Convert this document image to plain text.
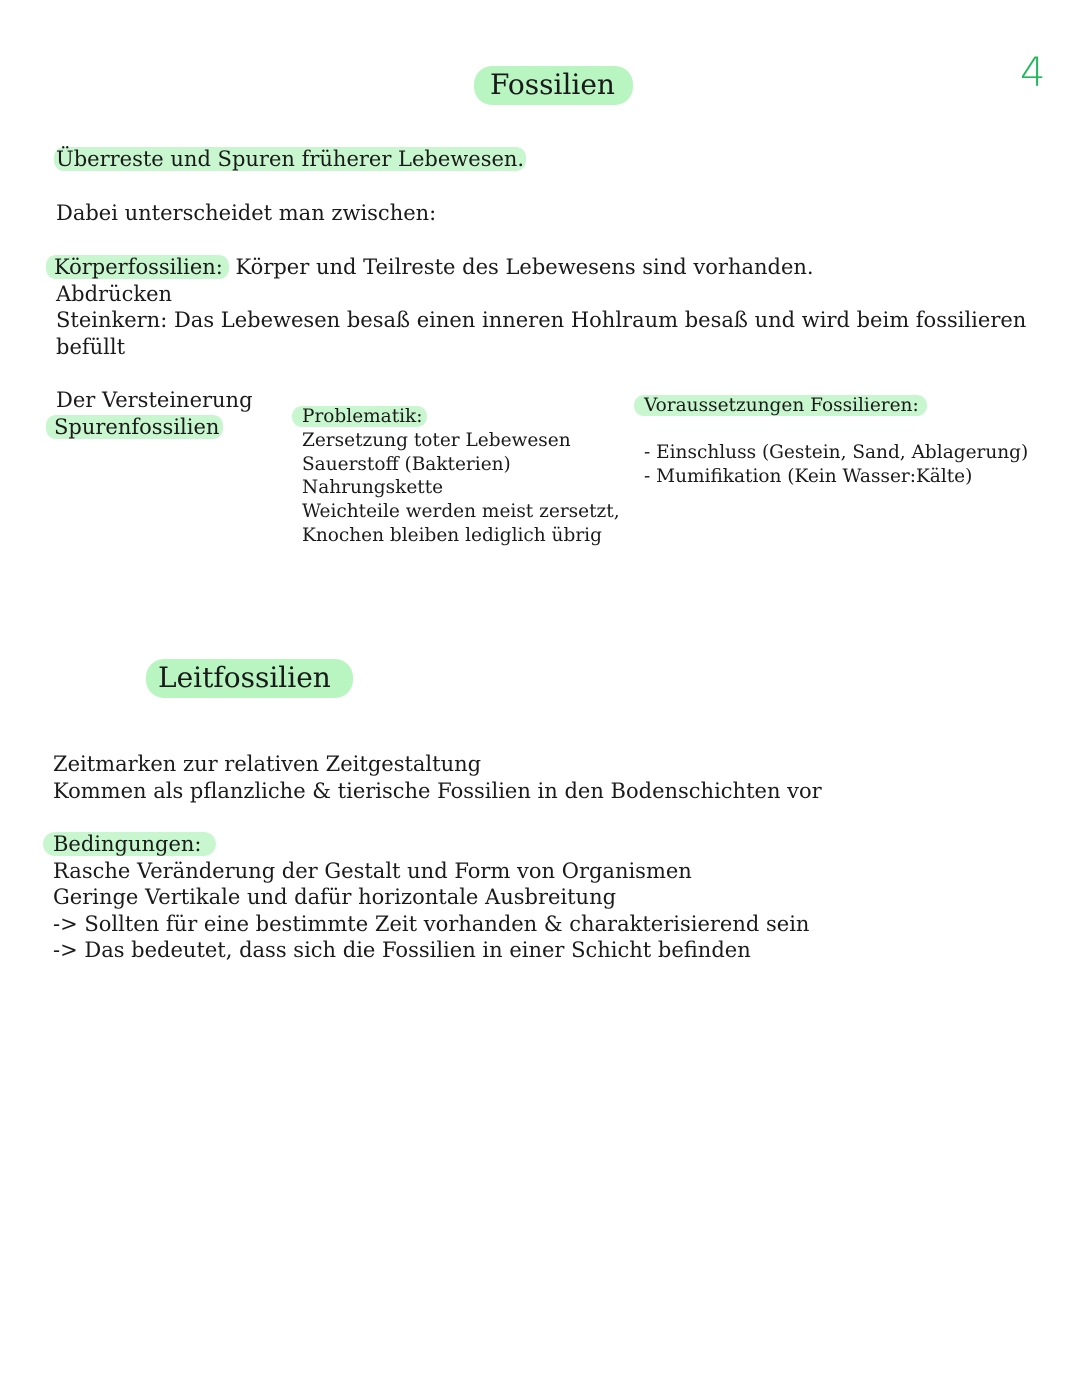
4
Fossilien
Überreste und Spuren früherer Lebewesen.
Dabei unterscheidet man zwischen:
Körperfossilien: Körper und Teilreste des Lebewesens sind vorhanden.
Abdrücken
Steinkern: Das Lebewesen besaß einen inneren Hohlraum besaß und wird beim fossilieren
befüllt
Der Versteinerung
Spurenfossilien	Problematik:
Zersetzung toter Lebewesen
Sauerstoff (Bakterien)
Nahrungskette
Weichteile werden meist zersetzt,
Knochen bleiben lediglich übrig
Voraussetzungen Fossilieren:
- Einschluss (Gestein, Sand, Ablagerung)
- Mumifikation (Kein Wasser:Kälte)
Leitfossilien
Zeitmarken zur relativen Zeitgestaltung
Kommen als pflanzliche & tierische Fossilien in den Bodenschichten vor
Bedingungen:
Rasche Veränderung der Gestalt und Form von Organismen
Geringe Vertikale und dafür horizontale Ausbreitung
-> Sollten für eine bestimmte Zeit vorhanden & charakterisierend sein
-> Das bedeutet, dass sich die Fossilien in einer Schicht befinden
